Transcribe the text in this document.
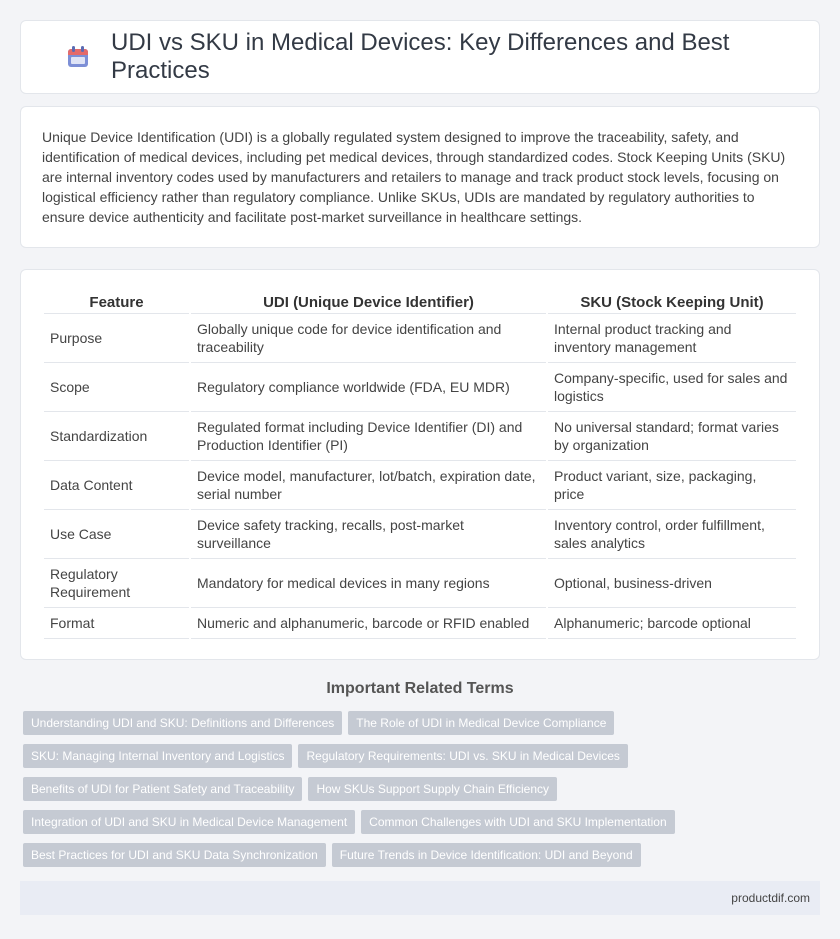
UDI vs SKU in Medical Devices: Key Differences and Best Practices

Unique Device Identification (UDI) is a globally regulated system designed to improve the traceability, safety, and identification of medical devices, including pet medical devices, through standardized codes. Stock Keeping Units (SKU) are internal inventory codes used by manufacturers and retailers to manage and track product stock levels, focusing on logistical efficiency rather than regulatory compliance. Unlike SKUs, UDIs are mandated by regulatory authorities to ensure device authenticity and facilitate post-market surveillance in healthcare settings.

Feature	UDI (Unique Device Identifier)	SKU (Stock Keeping Unit)
Purpose	Globally unique code for device identification and traceability	Internal product tracking and inventory management
Scope	Regulatory compliance worldwide (FDA, EU MDR)	Company-specific, used for sales and logistics
Standardization	Regulated format including Device Identifier (DI) and Production Identifier (PI)	No universal standard; format varies by organization
Data Content	Device model, manufacturer, lot/batch, expiration date, serial number	Product variant, size, packaging, price
Use Case	Device safety tracking, recalls, post-market surveillance	Inventory control, order fulfillment, sales analytics
Regulatory Requirement	Mandatory for medical devices in many regions	Optional, business-driven
Format	Numeric and alphanumeric, barcode or RFID enabled	Alphanumeric; barcode optional
Important Related Terms
Understanding UDI and SKU: Definitions and Differences	The Role of UDI in Medical Device Compliance
SKU: Managing Internal Inventory and Logistics	Regulatory Requirements: UDI vs. SKU in Medical Devices
Benefits of UDI for Patient Safety and Traceability	How SKUs Support Supply Chain Efficiency
Integration of UDI and SKU in Medical Device Management	Common Challenges with UDI and SKU Implementation
Best Practices for UDI and SKU Data Synchronization	Future Trends in Device Identification: UDI and Beyond
productdif.com
